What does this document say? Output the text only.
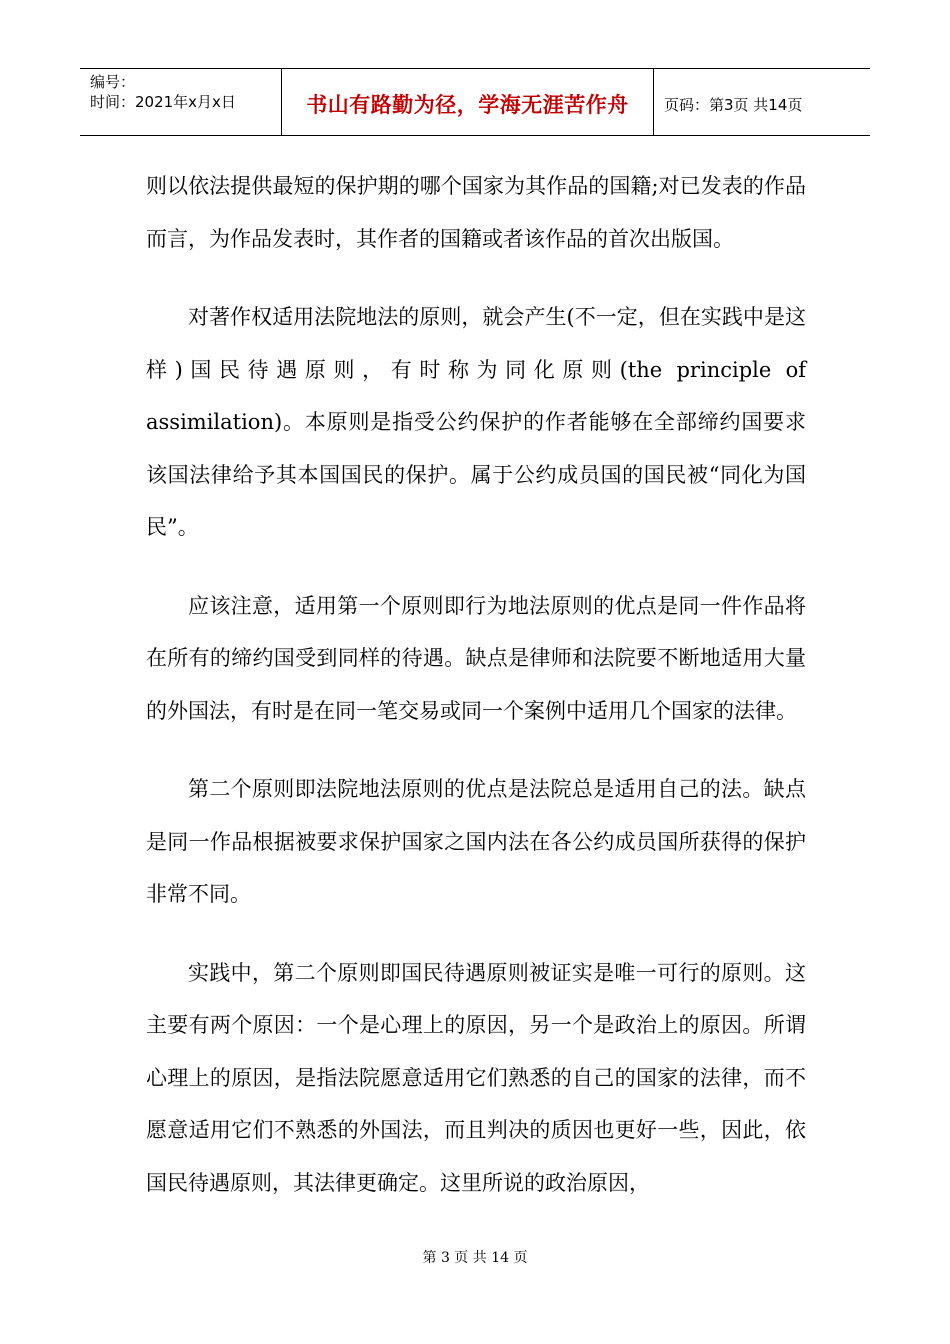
编号：
时间：2021年x月x日	书山有路勤为径，学海无涯苦作舟 页码：第3页 共14页

则以依法提供最短的保护期的哪个国家为其作品的国籍;对已发表的作品而言，为作品发表时，其作者的国籍或者该作品的首次出版国。

对著作权适用法院地法的原则，就会产生(不一定，但在实践中是这样)国民待遇原则，有时称为同化原则(the principle of assimilation)。本原则是指受公约保护的作者能够在全部缔约国要求该国法律给予其本国国民的保护。属于公约成员国的国民被“同化为国民”。

应该注意，适用第一个原则即行为地法原则的优点是同一件作品将在所有的缔约国受到同样的待遇。缺点是律师和法院要不断地适用大量的外国法，有时是在同一笔交易或同一个案例中适用几个国家的法律。

第二个原则即法院地法原则的优点是法院总是适用自己的法。缺点是同一作品根据被要求保护国家之国内法在各公约成员国所获得的保护非常不同。

实践中，第二个原则即国民待遇原则被证实是唯一可行的原则。这主要有两个原因：一个是心理上的原因，另一个是政治上的原因。所谓心理上的原因，是指法院愿意适用它们熟悉的自己的国家的法律，而不愿意适用它们不熟悉的外国法，而且判决的质因也更好一些，因此，依国民待遇原则，其法律更确定。这里所说的政治原因，

第 3 页 共 14 页
